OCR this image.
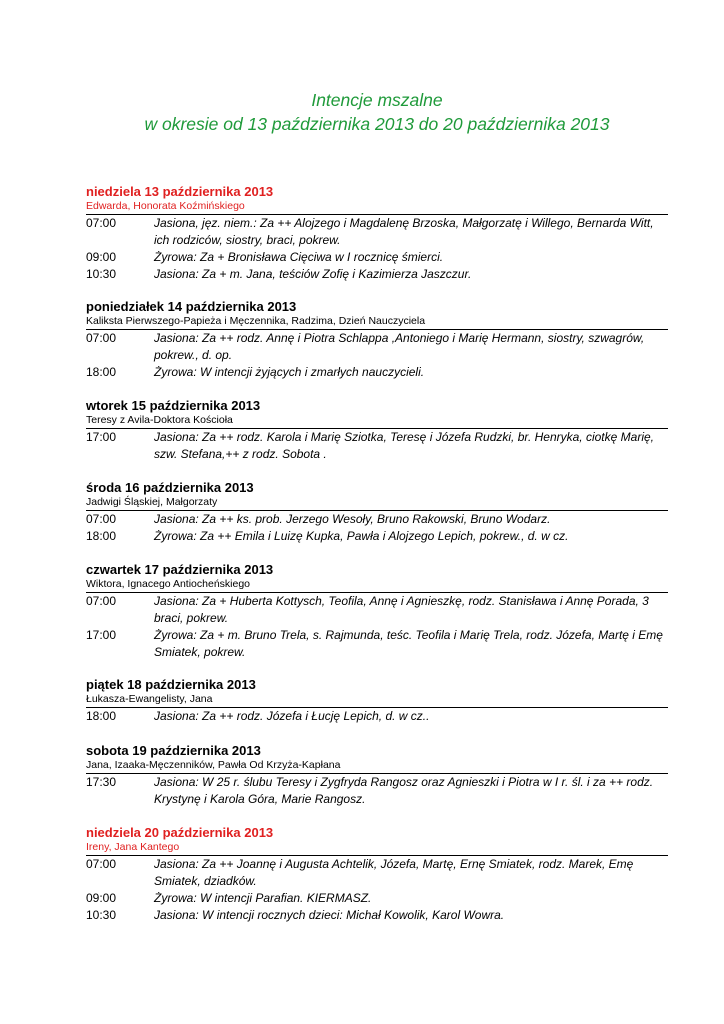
Intencje mszalne
w okresie od 13 października 2013 do 20 października 2013
niedziela 13 października 2013
Edwarda, Honorata Koźmińskiego
07:00	Jasiona, jęz. niem.: Za ++ Alojzego i Magdalenę Brzoska, Małgorzatę i Willego, Bernarda Witt, ich rodziców, siostry, braci, pokrew.
09:00	Żyrowa: Za + Bronisława Cięciwa w I rocznicę śmierci.
10:30	Jasiona: Za + m. Jana, teściów Zofię i Kazimierza Jaszczur.
poniedziałek 14 października 2013
Kaliksta Pierwszego-Papieża i Męczennika, Radzima, Dzień Nauczyciela
07:00	Jasiona: Za ++ rodz. Annę i Piotra Schlappa ,Antoniego i Marię Hermann, siostry, szwagrów, pokrew., d. op.
18:00	Żyrowa: W intencji żyjących i zmarłych nauczycieli.
wtorek 15 października 2013
Teresy z Avila-Doktora Kościoła
17:00	Jasiona: Za ++ rodz. Karola i Marię Sziotka, Teresę i Józefa Rudzki, br. Henryka, ciotkę Marię, szw. Stefana,++ z rodz. Sobota .
środa 16 października 2013
Jadwigi Śląskiej, Małgorzaty
07:00	Jasiona: Za ++ ks. prob. Jerzego Wesoły, Bruno Rakowski, Bruno Wodarz.
18:00	Żyrowa: Za ++ Emila i Luizę Kupka, Pawła i Alojzego Lepich, pokrew., d. w cz.
czwartek 17 października 2013
Wiktora, Ignacego Antiocheńskiego
07:00	Jasiona: Za + Huberta Kottysch, Teofila, Annę i Agnieszkę, rodz. Stanisława i Annę Porada, 3 braci, pokrew.
17:00	Żyrowa: Za + m. Bruno Trela, s. Rajmunda, teśc. Teofila i Marię Trela, rodz. Józefa, Martę i Emę Smiatek, pokrew.
piątek 18 października 2013
Łukasza-Ewangelisty, Jana
18:00	Jasiona: Za ++ rodz. Józefa i Łucję Lepich, d. w cz..
sobota 19 października 2013
Jana, Izaaka-Męczenników, Pawła Od Krzyża-Kapłana
17:30	Jasiona: W 25 r. ślubu Teresy i Zygfryda Rangosz oraz Agnieszki i Piotra w I r. śl. i za ++ rodz. Krystynę i Karola Góra, Marie Rangosz.
niedziela 20 października 2013
Ireny, Jana Kantego
07:00	Jasiona: Za ++ Joannę i Augusta Achtelik, Józefa, Martę, Ernę Smiatek, rodz. Marek, Emę Smiatek, dziadków.
09:00	Żyrowa: W intencji Parafian. KIERMASZ.
10:30	Jasiona: W intencji rocznych dzieci: Michał Kowolik, Karol Wowra.
